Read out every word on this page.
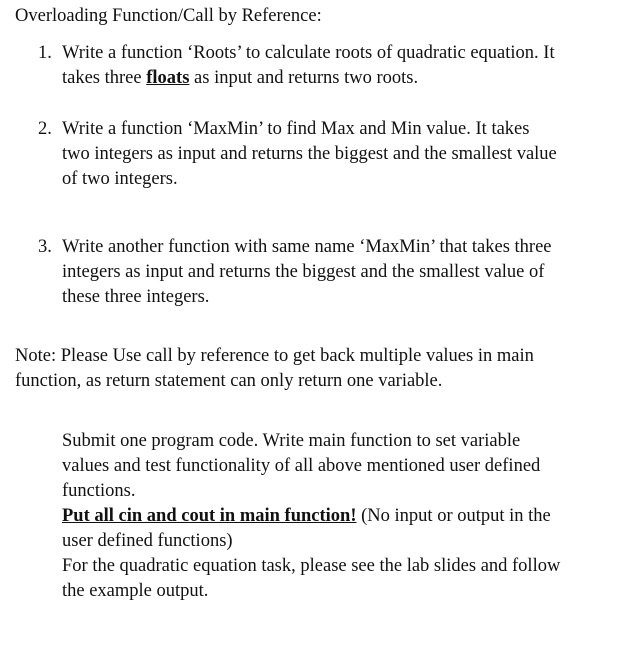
Overloading Function/Call by Reference:
1. Write a function ‘Roots’ to calculate roots of quadratic equation. It
takes three floats as input and returns two roots.
2. Write a function ‘MaxMin’ to find Max and Min value. It takes
two integers as input and returns the biggest and the smallest value
of two integers.
3. Write another function with same name ‘MaxMin’ that takes three
integers as input and returns the biggest and the smallest value of
these three integers.
Note: Please Use call by reference to get back multiple values in main
function, as return statement can only return one variable.
Submit one program code. Write main function to set variable
values and test functionality of all above mentioned user defined
functions.
Put all cin and cout in main function! (No input or output in the
user defined functions)
For the quadratic equation task, please see the lab slides and follow
the example output.
